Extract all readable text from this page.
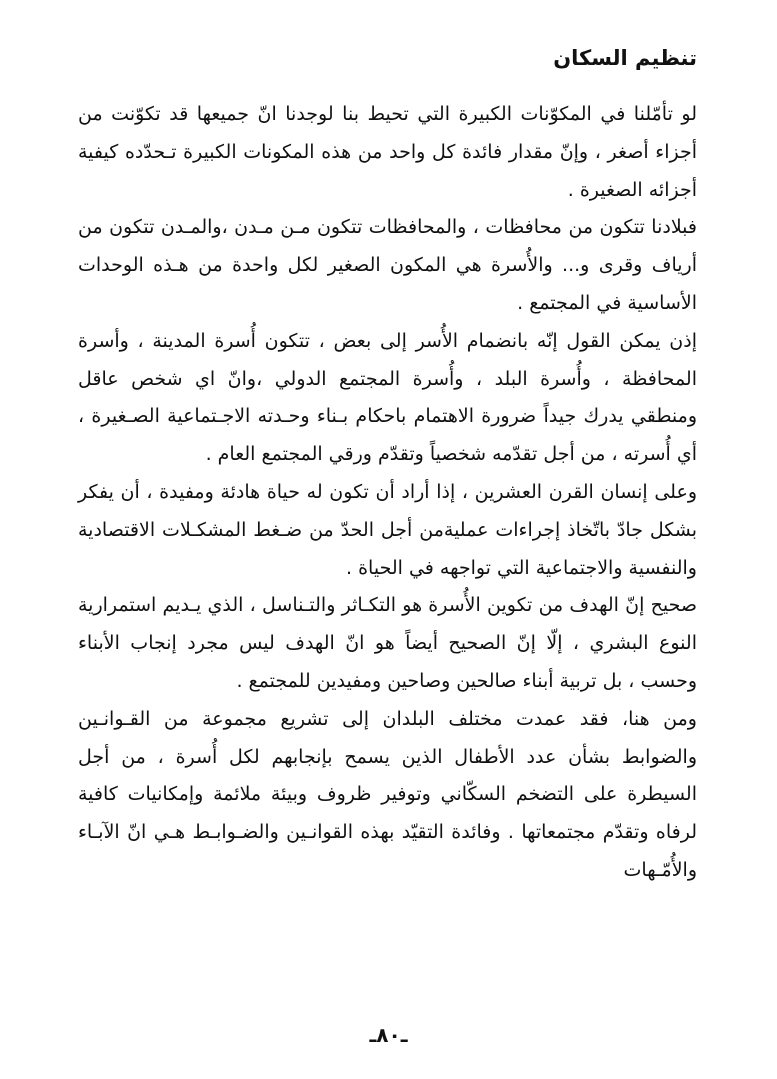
تنظيم السكان

لو تأمّلنا في المكوّنات الكبيرة التي تحيط بنا لوجدنا انّ جميعها قد تكوّنت من أجزاء أصغر ، وإنّ مقدار فائدة كل واحد من هذه المكونات الكبيرة تـحدّده كيفية أجزائه الصغيرة .

فبلادنا تتكون من محافظات ، والمحافظات تتكون مـن مـدن ،والمـدن تتكون من أرياف وقرى و... والأُسرة هي المكون الصغير لكل واحدة من هـذه الوحدات الأساسية في المجتمع .

إذن يمكن القول إنّه بانضمام الأُسر إلى بعض ، تتكون أُسرة المدينة ، وأسرة المحافظة ، وأُسرة البلد ، وأُسرة المجتمع الدولي ،وانّ اي شخص عاقل ومنطقي يدرك جيداً ضرورة الاهتمام باحكام بـناء وحـدته الاجـتماعية الصـغيرة ، أي أُسرته ، من أجل تقدّمه شخصياً وتقدّم ورقي المجتمع العام .

وعلى إنسان القرن العشرين ، إذا أراد أن تكون له حياة هادئة ومفيدة ، أن يفكر بشكل جادّ باتّخاذ إجراءات عمليةمن أجل الحدّ من ضـغط المشكـلات الاقتصادية والنفسية والاجتماعية التي تواجهه في الحياة .

صحيح إنّ الهدف من تكوين الأُسرة هو التكـاثر والتـناسل ، الذي يـديم استمرارية النوع البشري ، إلّا إنّ الصحيح أيضاً هو انّ الهدف ليس مجرد إنجاب الأبناء وحسب ، بل تربية أبناء صالحين وصاحين ومفيدين للمجتمع .

ومن هنا، فقد عمدت مختلف البلدان إلى تشريع مجموعة من القـوانـين والضوابط بشأن عدد الأطفال الذين يسمح بإنجابهم لكل أُسرة ، من أجل السيطرة على التضخم السكّاني وتوفير ظروف وبيئة ملائمة وإمكانيات كافية لرفاه وتقدّم مجتمعاتها . وفائدة التقيّد بهذه القوانـين والضـوابـط هـي انّ الآبـاء والأُمّـهات

ـ٨٠ـ
